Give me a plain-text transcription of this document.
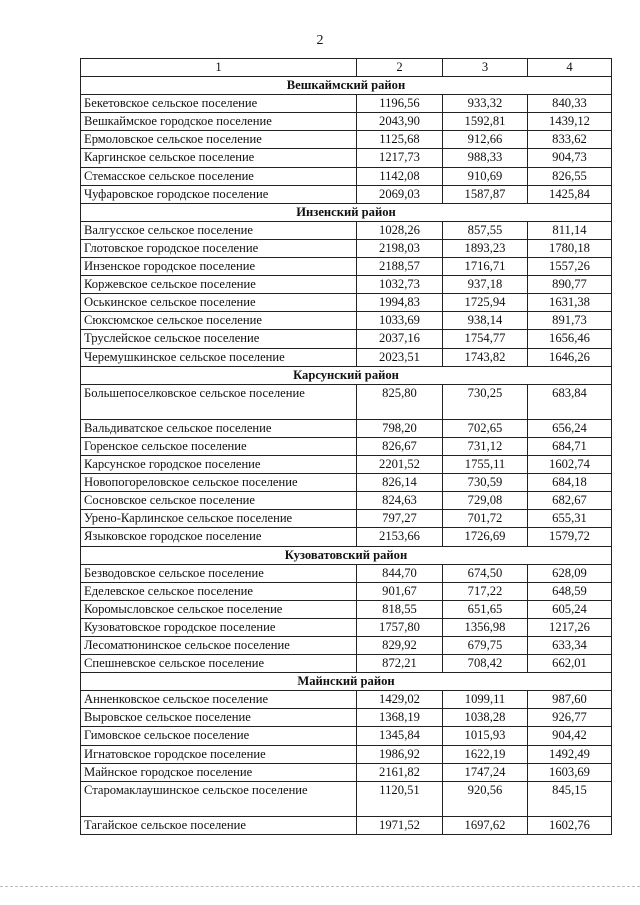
2
1	2	3	4
Вешкаймский район			
Бекетовское сельское поселение	1196,56	933,32	840,33
Вешкаймское городское поселение	2043,90	1592,81	1439,12
Ермоловское сельское поселение	1125,68	912,66	833,62
Каргинское сельское поселение	1217,73	988,33	904,73
Стемасское сельское поселение	1142,08	910,69	826,55
Чуфаровское городское поселение	2069,03	1587,87	1425,84
Инзенский район			
Валгусское сельское поселение	1028,26	857,55	811,14
Глотовское городское поселение	2198,03	1893,23	1780,18
Инзенское городское поселение	2188,57	1716,71	1557,26
Коржевское сельское поселение	1032,73	937,18	890,77
Оськинское сельское поселение	1994,83	1725,94	1631,38
Сюксюмское сельское поселение	1033,69	938,14	891,73
Труслейское сельское поселение	2037,16	1754,77	1656,46
Черемушкинское сельское поселение	2023,51	1743,82	1646,26
Карсунский район			
Большепоселковское сельское поселение	825,80	730,25	683,84
Вальдиватское сельское поселение	798,20	702,65	656,24
Горенское сельское поселение	826,67	731,12	684,71
Карсунское городское поселение	2201,52	1755,11	1602,74
Новопогореловское сельское поселение	826,14	730,59	684,18
Сосновское сельское поселение	824,63	729,08	682,67
Урено-Карлинское сельское поселение	797,27	701,72	655,31
Языковское городское поселение	2153,66	1726,69	1579,72
Кузоватовский район			
Безводовское сельское поселение	844,70	674,50	628,09
Еделевское сельское поселение	901,67	717,22	648,59
Коромысловское сельское поселение	818,55	651,65	605,24
Кузоватовское городское поселение	1757,80	1356,98	1217,26
Лесоматюнинское сельское поселение	829,92	679,75	633,34
Спешневское сельское поселение	872,21	708,42	662,01
Майнский район			
Анненковское сельское поселение	1429,02	1099,11	987,60
Выровское сельское поселение	1368,19	1038,28	926,77
Гимовское сельское поселение	1345,84	1015,93	904,42
Игнатовское городское поселение	1986,92	1622,19	1492,49
Майнское городское поселение	2161,82	1747,24	1603,69
Старомаклаушинское сельское поселение	1120,51	920,56	845,15
Тагайское сельское поселение	1971,52	1697,62	1602,76
